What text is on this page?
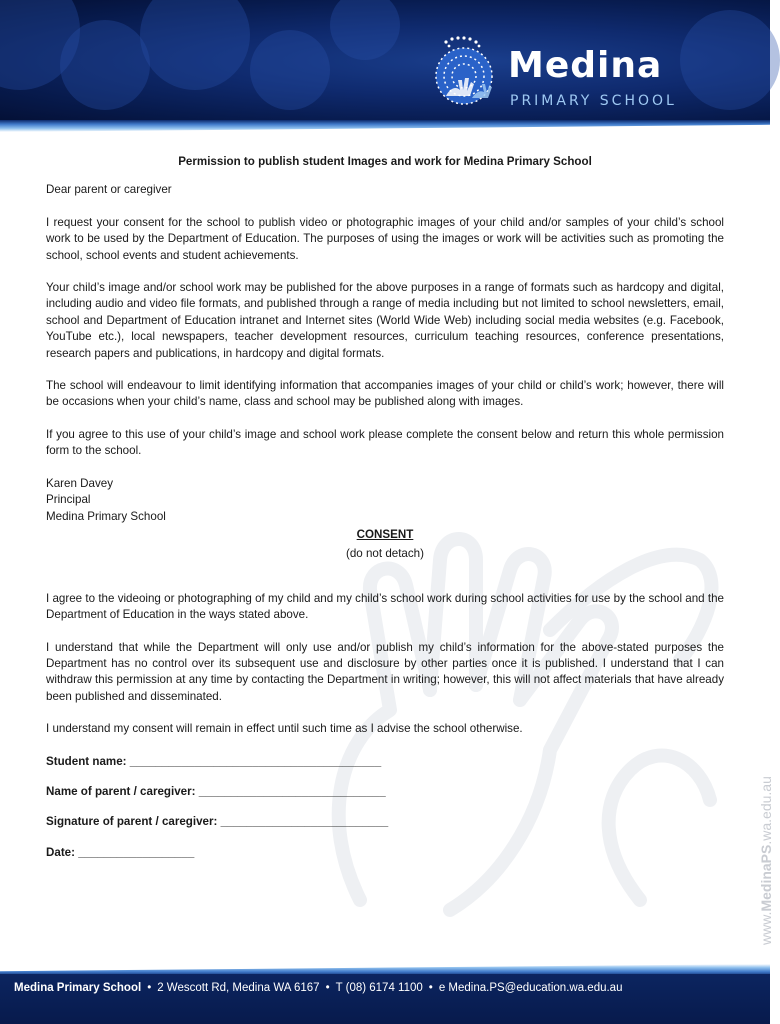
Medina
PRIMARY SCHOOL
www.MedinaPS.wa.edu.au

Permission to publish student Images and work for Medina Primary School

Dear parent or caregiver

I request your consent for the school to publish video or photographic images of your child and/or samples of your child’s school work to be used by the Department of Education. The purposes of using the images or work will be activities such as promoting the school, school events and student achievements.

Your child’s image and/or school work may be published for the above purposes in a range of formats such as hardcopy and digital, including audio and video file formats, and published through a range of media including but not limited to school newsletters, email, school and Department of Education intranet and Internet sites (World Wide Web) including social media websites (e.g. Facebook, YouTube etc.), local newspapers, teacher development resources, curriculum teaching resources, conference presentations, research papers and publications, in hardcopy and digital formats.

The school will endeavour to limit identifying information that accompanies images of your child or child’s work; however, there will be occasions when your child’s name, class and school may be published along with images.

If you agree to this use of your child’s image and school work please complete the consent below and return this whole permission form to the school.

Karen Davey

Principal

Medina Primary School

CONSENT

(do not detach)

I agree to the videoing or photographing of my child and my child’s school work during school activities for use by the school and the Department of Education in the ways stated above.

I understand that while the Department will only use and/or publish my child’s information for the above-stated purposes the Department has no control over its subsequent use and disclosure by other parties once it is published. I understand that I can withdraw this permission at any time by contacting the Department in writing; however, this will not affect materials that have already been published and disseminated.

I understand my consent will remain in effect until such time as I advise the school otherwise.

Student name: _______________________________________

Name of parent / caregiver: _____________________________

Signature of parent / caregiver: __________________________

Date: __________________

Medina Primary School • 2 Wescott Rd, Medina WA 6167 • T (08) 6174 1100 • e Medina.PS@education.wa.edu.au
